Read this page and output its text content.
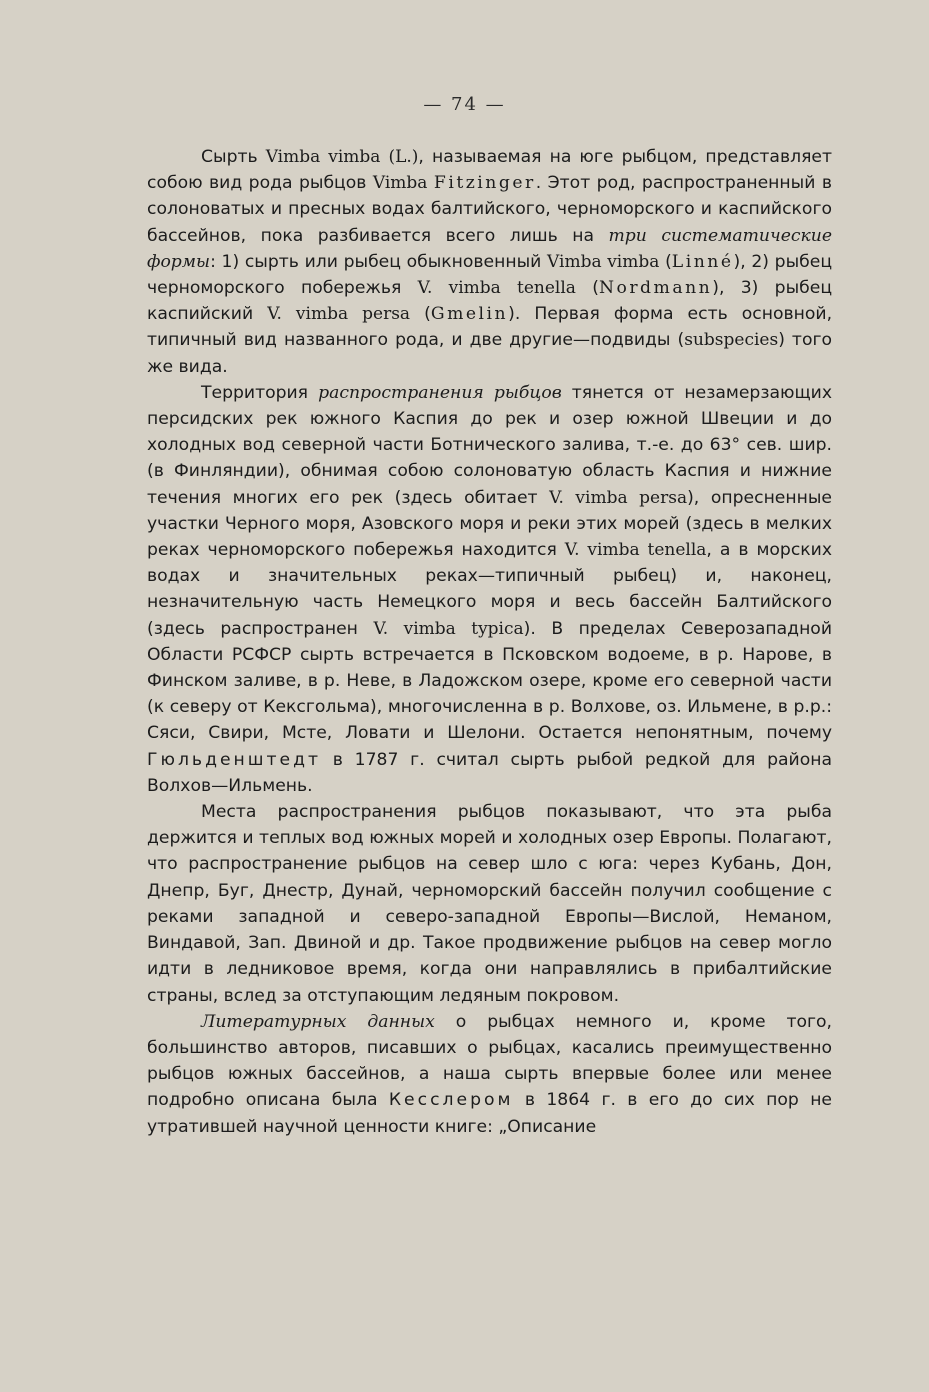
— 74 —

Сырть Vimba vimba (L.), называемая на юге рыбцом, представляет собою вид рода рыбцов Vimba Fitzinger. Этот род, распространенный в солоноватых и пресных водах балтийского, черноморского и каспийского бассейнов, пока разбивается всего лишь на три систематические формы: 1) сырть или рыбец обыкновенный Vimba vimba (Linné), 2) рыбец черноморского побережья V. vimba tenella (Nordmann), 3) рыбец каспийский V. vimba persa (Gmelin). Первая форма есть основной, типичный вид названного рода, и две другие—подвиды (subspecies) того же вида.

Территория распространения рыбцов тянется от незамерзающих персидских рек южного Каспия до рек и озер южной Швеции и до холодных вод северной части Ботнического залива, т.-е. до 63° сев. шир. (в Финляндии), обнимая собою солоноватую область Каспия и нижние течения многих его рек (здесь обитает V. vimba persa), опресненные участки Черного моря, Азовского моря и реки этих морей (здесь в мелких реках черноморского побережья находится V. vimba tenella, а в морских водах и значительных реках—типичный рыбец) и, наконец, незначительную часть Немецкого моря и весь бассейн Балтийского (здесь распространен V. vimba typica). В пределах Северозападной Области РСФСР сырть встречается в Псковском водоеме, в р. Нарове, в Финском заливе, в р. Неве, в Ладожском озере, кроме его северной части (к северу от Кексгольма), многочисленна в р. Волхове, оз. Ильмене, в р.р.: Сяси, Свири, Мсте, Ловати и Шелони. Остается непонятным, почему Гюльденштедт в 1787 г. считал сырть рыбой редкой для района Волхов—Ильмень.

Места распространения рыбцов показывают, что эта рыба держится и теплых вод южных морей и холодных озер Европы. Полагают, что распространение рыбцов на север шло с юга: через Кубань, Дон, Днепр, Буг, Днестр, Дунай, черноморский бассейн получил сообщение с реками западной и северо-западной Европы—Вислой, Неманом, Виндавой, Зап. Двиной и др. Такое продвижение рыбцов на север могло идти в ледниковое время, когда они направлялись в прибалтийские страны, вслед за отступающим ледяным покровом.

Литературных данных о рыбцах немного и, кроме того, большинство авторов, писавших о рыбцах, касались преимущественно рыбцов южных бассейнов, а наша сырть впервые более или менее подробно описана была Кесслером в 1864 г. в его до сих пор не утратившей научной ценности книге: „Описание
